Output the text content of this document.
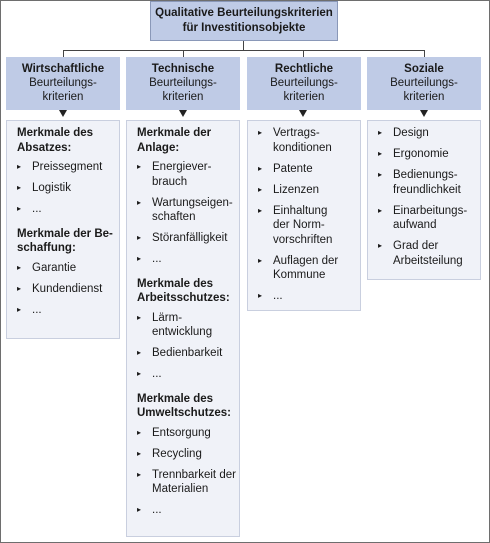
Qualitative Beurteilungskriterien
für Investitionsobjekte
Wirtschaftliche
Beurteilungs-
kriterien
Merkmale des
Absatzes:
▸ Preissegment
▸ Logistik
▸ ...
Merkmale der Be-
schaffung:
▸ Garantie
▸ Kundendienst
▸ ...
Technische
Beurteilungs-
kriterien
Merkmale der
Anlage:
▸ Energiever-
brauch
▸ Wartungseigen-
schaften
▸ Störanfälligkeit
▸ ...
Merkmale des
Arbeitsschutzes:
▸ Lärm-
entwicklung
▸ Bedienbarkeit
▸ ...
Merkmale des
Umweltschutzes:
▸ Entsorgung
▸ Recycling
▸ Trennbarkeit der
Materialien
▸ ...
Rechtliche
Beurteilungs-
kriterien
▸ Vertrags-
konditionen
▸ Patente
▸ Lizenzen
▸ Einhaltung
der Norm-
vorschriften
▸ Auflagen der
Kommune
▸ ...
Soziale
Beurteilungs-
kriterien
▸ Design
▸ Ergonomie
▸ Bedienungs-
freundlichkeit
▸ Einarbeitungs-
aufwand
▸ Grad der
Arbeitsteilung
